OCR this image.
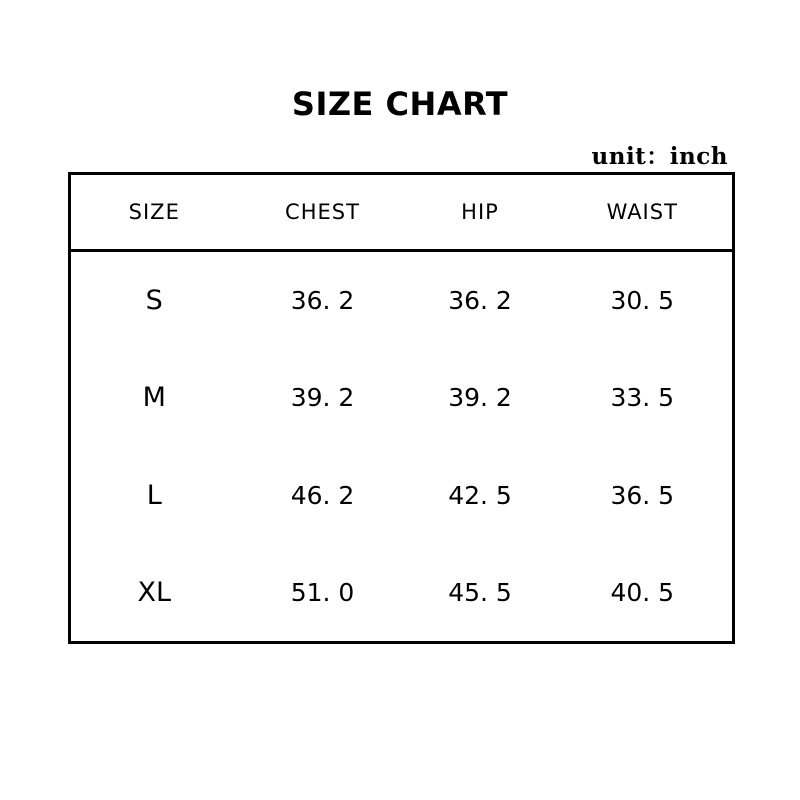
SIZE CHART
unit：inch
SIZE	CHEST	HIP	WAIST
S	36. 2	36. 2	30. 5
M	39. 2	39. 2	33. 5
L	46. 2	42. 5	36. 5
XL	51. 0	45. 5	40. 5
